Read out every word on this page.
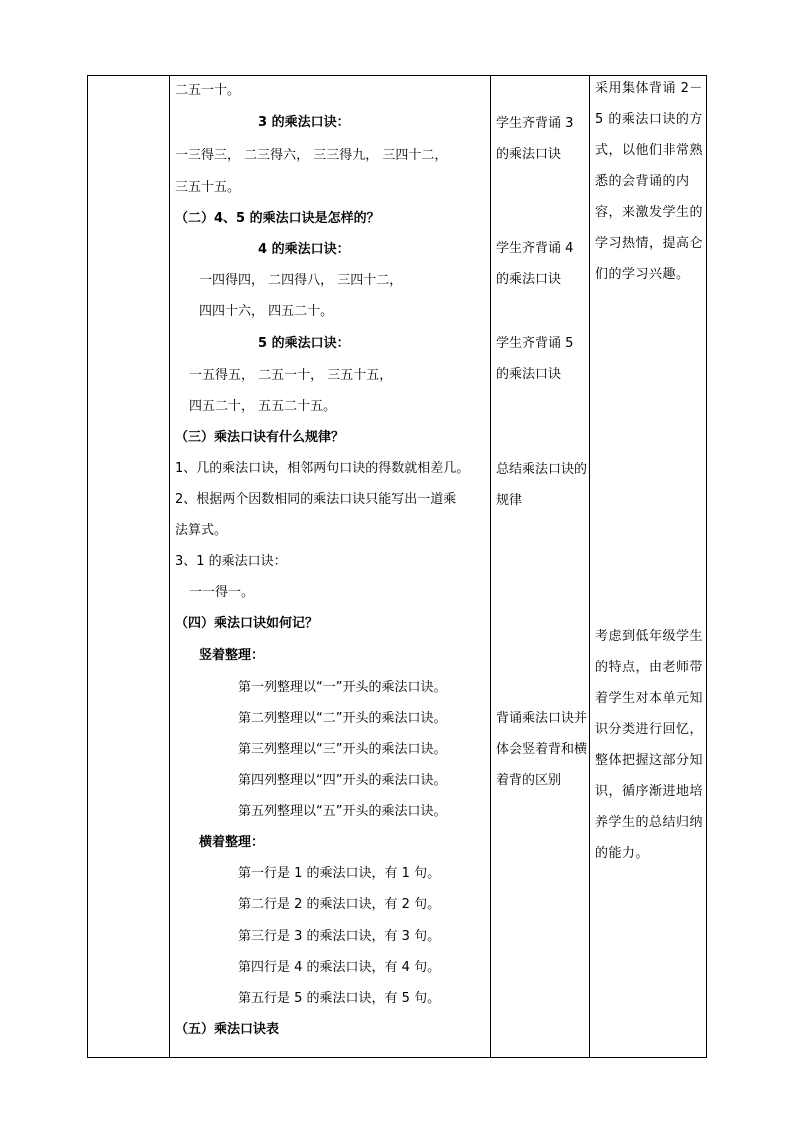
二五一十。
3 的乘法口诀：
一三得三， 二三得六， 三三得九， 三四十二，
三五十五。
（二）4、5 的乘法口诀是怎样的？
4 的乘法口诀：
一四得四， 二四得八， 三四十二，
四四十六， 四五二十。
5 的乘法口诀：
一五得五， 二五一十， 三五十五，
四五二十， 五五二十五。
（三）乘法口诀有什么规律？
1、几的乘法口诀，相邻两句口诀的得数就相差几。
2、根据两个因数相同的乘法口诀只能写出一道乘
法算式。
3、1 的乘法口诀：
一一得一。
（四）乘法口诀如何记？
竖着整理：
第一列整理以“一”开头的乘法口诀。
第二列整理以“二”开头的乘法口诀。
第三列整理以“三”开头的乘法口诀。
第四列整理以“四”开头的乘法口诀。
第五列整理以“五”开头的乘法口诀。
横着整理：
第一行是 1 的乘法口诀，有 1 句。
第二行是 2 的乘法口诀，有 2 句。
第三行是 3 的乘法口诀，有 3 句。
第四行是 4 的乘法口诀，有 4 句。
第五行是 5 的乘法口诀，有 5 句。
（五）乘法口诀表
学生齐背诵 3 的乘法口诀
学生齐背诵 4 的乘法口诀
学生齐背诵 5 的乘法口诀
总结乘法口诀的规律
背诵乘法口诀并体会竖着背和横着背的区别
采用集体背诵 2－5 的乘法口诀的方式，以他们非常熟悉的会背诵的内容，来激发学生的学习热情，提高仑们的学习兴趣。
考虑到低年级学生的特点，由老师带着学生对本单元知识分类进行回忆，整体把握这部分知识，循序渐进地培养学生的总结归纳的能力。
